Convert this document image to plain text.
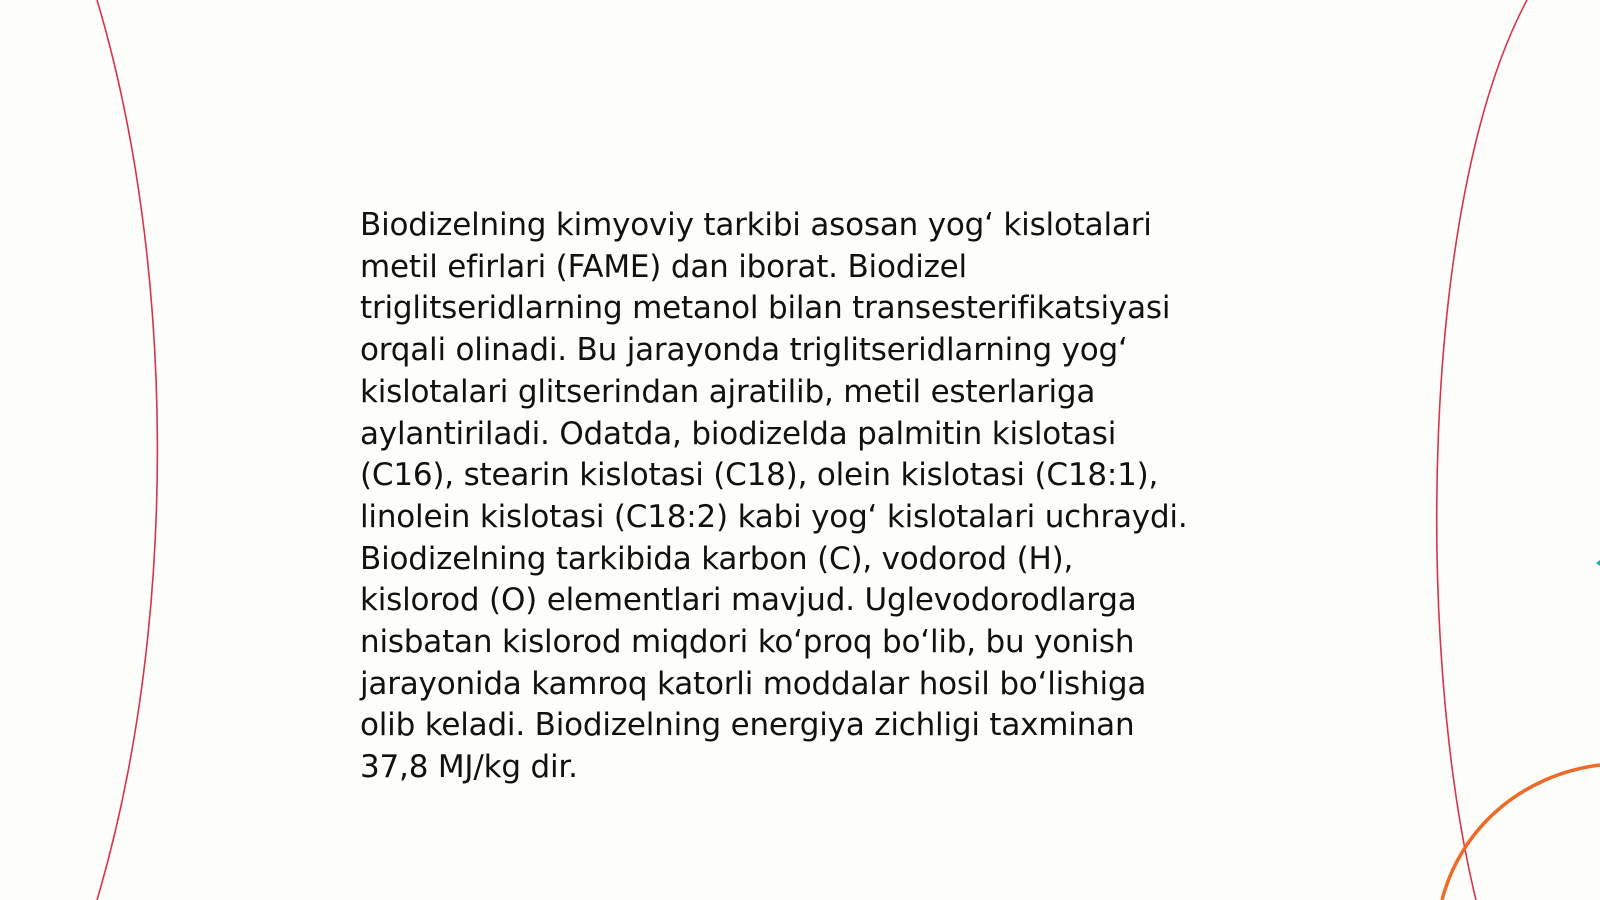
Biodizelning kimyoviy tarkibi asosan yog‘ kislotalari
metil efirlari (FAME) dan iborat. Biodizel
triglitseridlarning metanol bilan transesterifikatsiyasi
orqali olinadi. Bu jarayonda triglitseridlarning yog‘
kislotalari glitserindan ajratilib, metil esterlariga
aylantiriladi. Odatda, biodizelda palmitin kislotasi
(C16), stearin kislotasi (C18), olein kislotasi (C18:1),
linolein kislotasi (C18:2) kabi yog‘ kislotalari uchraydi.
Biodizelning tarkibida karbon (C), vodorod (H),
kislorod (O) elementlari mavjud. Uglevodorodlarga
nisbatan kislorod miqdori ko‘proq bo‘lib, bu yonish
jarayonida kamroq katorli moddalar hosil bo‘lishiga
olib keladi. Biodizelning energiya zichligi taxminan
37,8 MJ/kg dir.
